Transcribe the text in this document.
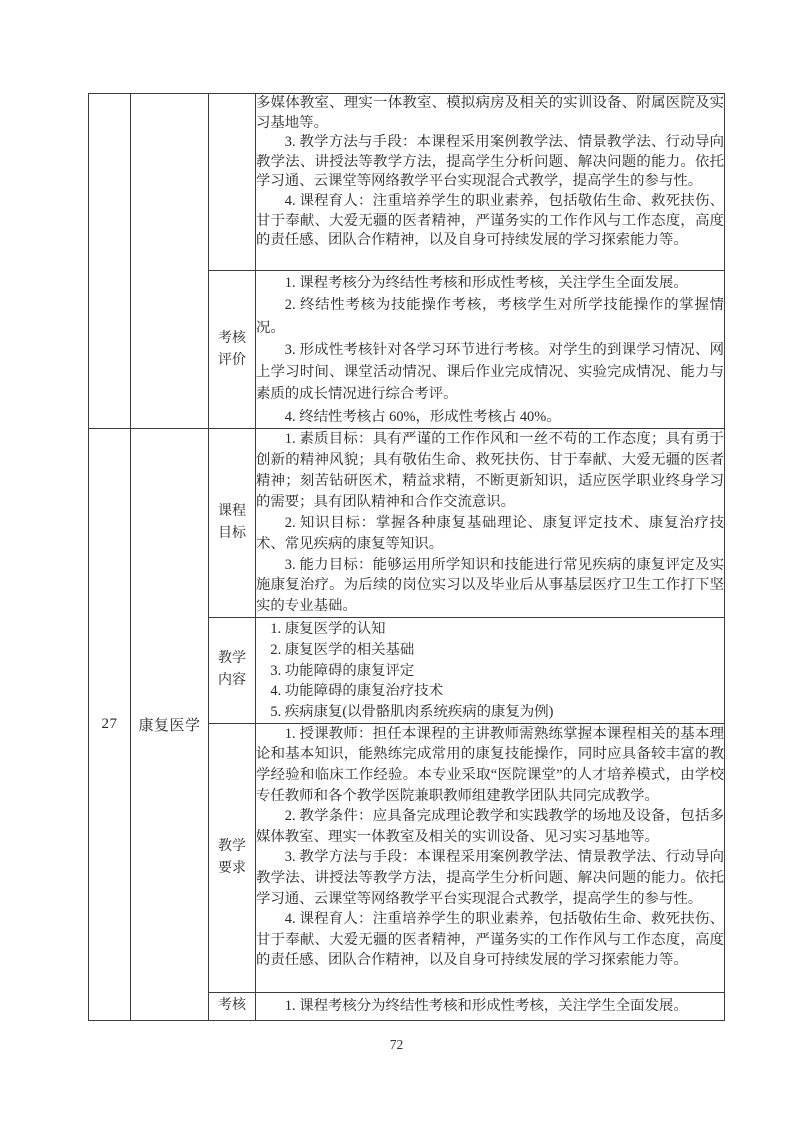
			多媒体教室、理实一体教室、模拟病房及相关的实训设备、附属医院及实习基地等。

3. 教学方法与手段：本课程采用案例教学法、情景教学法、行动导向教学法、讲授法等教学方法，提高学生分析问题、解决问题的能力。依托学习通、云课堂等网络教学平台实现混合式教学，提高学生的参与性。

4. 课程育人：注重培养学生的职业素养，包括敬佑生命、救死扶伤、甘于奉献、大爱无疆的医者精神，严谨务实的工作作风与工作态度，高度的责任感、团队合作精神，以及自身可持续发展的学习探索能力等。

		考核评价	1. 课程考核分为终结性考核和形成性考核，关注学生全面发展。

2. 终结性考核为技能操作考核，考核学生对所学技能操作的掌握情况。

3. 形成性考核针对各学习环节进行考核。对学生的到课学习情况、网上学习时间、课堂活动情况、课后作业完成情况、实验完成情况、能力与素质的成长情况进行综合考评。

4. 终结性考核占 60%，形成性考核占 40%。

27	康复医学	课程目标	1. 素质目标：具有严谨的工作作风和一丝不苟的工作态度；具有勇于创新的精神风貌；具有敬佑生命、救死扶伤、甘于奉献、大爱无疆的医者精神；刻苦钻研医术，精益求精，不断更新知识，适应医学职业终身学习的需要；具有团队精神和合作交流意识。

2. 知识目标：掌握各种康复基础理论、康复评定技术、康复治疗技术、常见疾病的康复等知识。

3. 能力目标：能够运用所学知识和技能进行常见疾病的康复评定及实施康复治疗。为后续的岗位实习以及毕业后从事基层医疗卫生工作打下坚实的专业基础。

		教学内容	1. 康复医学的认知

2. 康复医学的相关基础

3. 功能障碍的康复评定

4. 功能障碍的康复治疗技术

5. 疾病康复(以骨骼肌肉系统疾病的康复为例)

		教学要求	1. 授课教师：担任本课程的主讲教师需熟练掌握本课程相关的基本理论和基本知识，能熟练完成常用的康复技能操作，同时应具备较丰富的教学经验和临床工作经验。本专业采取“医院课堂”的人才培养模式，由学校专任教师和各个教学医院兼职教师组建教学团队共同完成教学。

2. 教学条件：应具备完成理论教学和实践教学的场地及设备，包括多媒体教室、理实一体教室及相关的实训设备、见习实习基地等。

3. 教学方法与手段：本课程采用案例教学法、情景教学法、行动导向教学法、讲授法等教学方法，提高学生分析问题、解决问题的能力。依托学习通、云课堂等网络教学平台实现混合式教学，提高学生的参与性。

4. 课程育人：注重培养学生的职业素养，包括敬佑生命、救死扶伤、甘于奉献、大爱无疆的医者精神，严谨务实的工作作风与工作态度，高度的责任感、团队合作精神，以及自身可持续发展的学习探索能力等。

		考核	1. 课程考核分为终结性考核和形成性考核，关注学生全面发展。

72
